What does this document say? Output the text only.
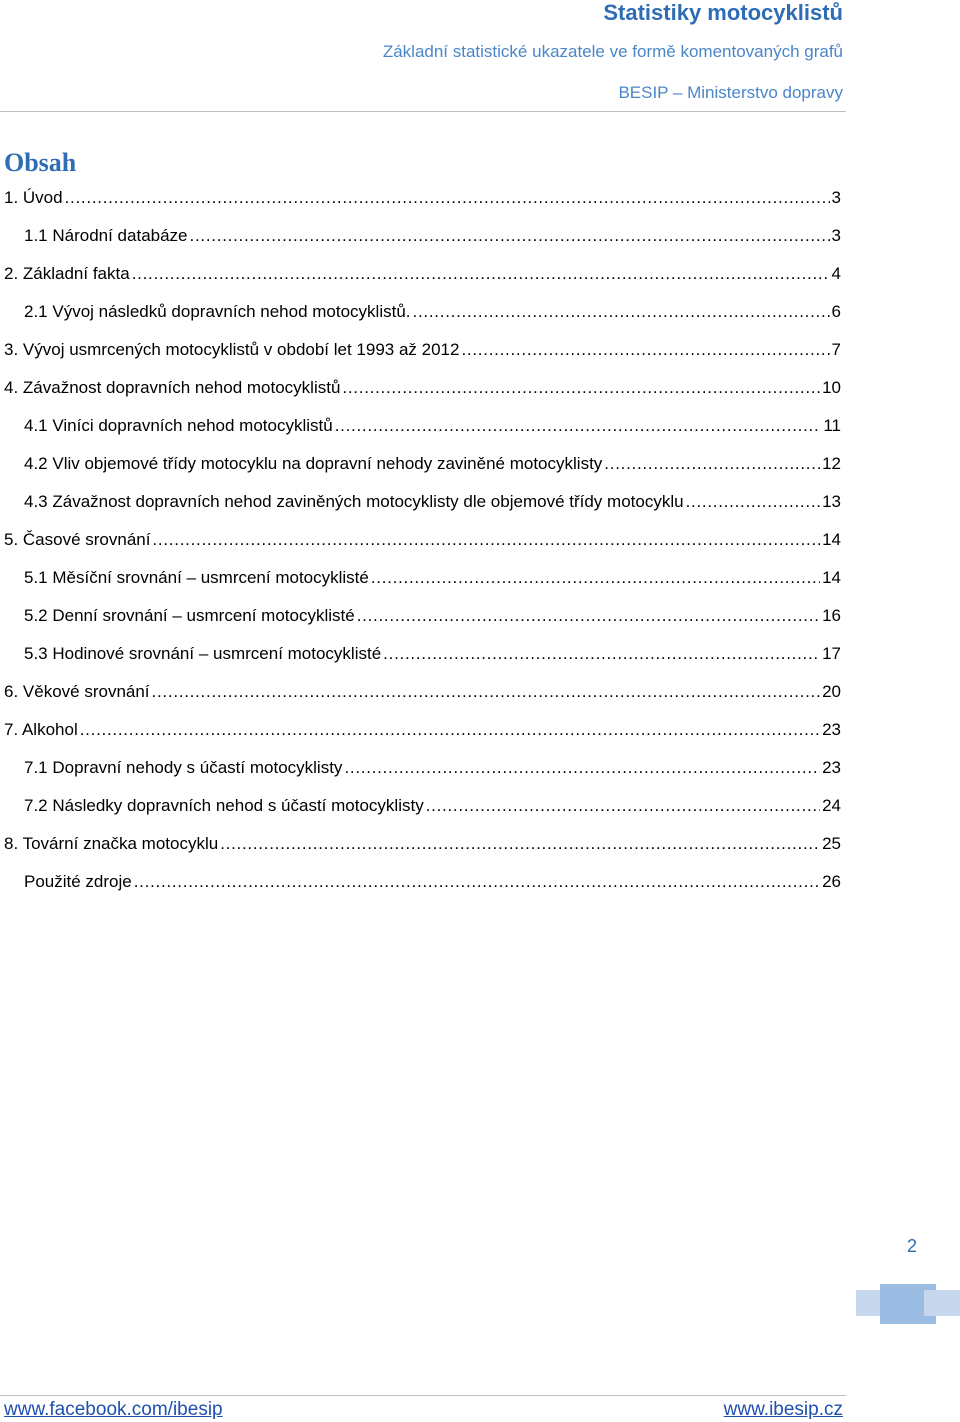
Statistiky motocyklistů
Základní statistické ukazatele ve formě komentovaných grafů
BESIP – Ministerstvo dopravy
Obsah
1. Úvod . . .	3
1.1 Národní databáze . . .	3
2. Základní fakta . . .	4
2.1 Vývoj následků dopravních nehod motocyklistů. . . .	6
3. Vývoj usmrcených motocyklistů v období let 1993 až 2012 . . .	7
4. Závažnost dopravních nehod motocyklistů . . .	10
4.1 Viníci dopravních nehod motocyklistů . . .	11
4.2 Vliv objemové třídy motocyklu na dopravní nehody zaviněné motocyklisty . . .	12
4.3 Závažnost dopravních nehod zaviněných motocyklisty dle objemové třídy motocyklu . . .	13
5. Časové srovnání . . .	14
5.1 Měsíční srovnání – usmrcení motocyklisté . . .	14
5.2 Denní srovnání – usmrcení motocyklisté . . .	16
5.3 Hodinové srovnání – usmrcení motocyklisté . . .	17
6. Věkové srovnání . . .	20
7. Alkohol . . .	23
7.1 Dopravní nehody s účastí motocyklisty . . .	23
7.2 Následky dopravních nehod s účastí motocyklisty . . .	24
8. Tovární značka motocyklu . . .	25
Použité zdroje . . .	26
2
www.facebook.com/ibesip	www.ibesip.cz
